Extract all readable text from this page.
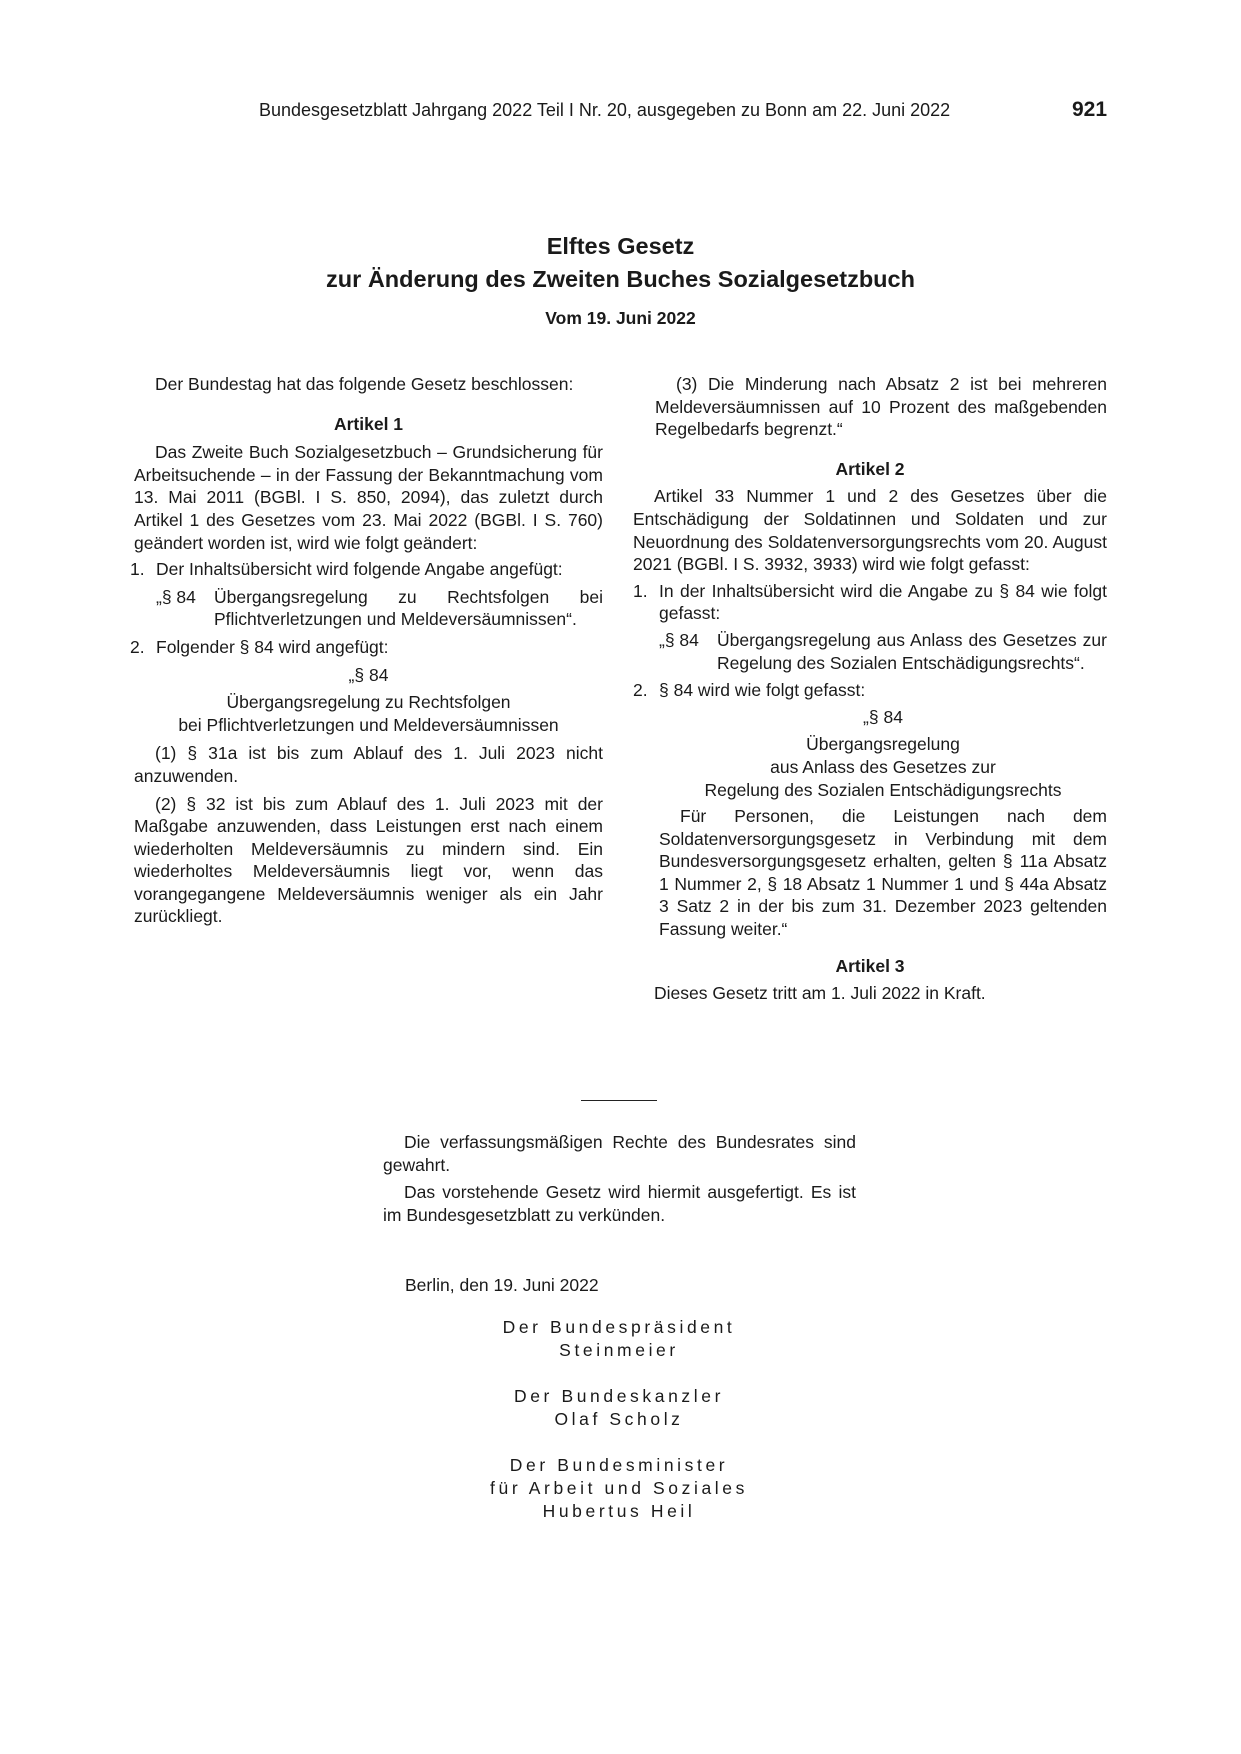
Bundesgesetzblatt Jahrgang 2022 Teil I Nr. 20, ausgegeben zu Bonn am 22. Juni 2022	921
Elftes Gesetz
zur Änderung des Zweiten Buches Sozialgesetzbuch
Vom 19. Juni 2022

Der Bundestag hat das folgende Gesetz beschlossen:

Artikel 1

Das Zweite Buch Sozialgesetzbuch – Grundsicherung für Arbeitsuchende – in der Fassung der Bekanntmachung vom 13. Mai 2011 (BGBl. I S. 850, 2094), das zuletzt durch Artikel 1 des Gesetzes vom 23. Mai 2022 (BGBl. I S. 760) geändert worden ist, wird wie folgt geändert:

1. Der Inhaltsübersicht wird folgende Angabe angefügt:
„§ 84	Übergangsregelung zu Rechtsfolgen bei Pflichtverletzungen und Meldeversäumnissen“.
2. Folgender § 84 wird angefügt:

„§ 84

Übergangsregelung zu Rechtsfolgen

bei Pflichtverletzungen und Meldeversäumnissen

(1) § 31a ist bis zum Ablauf des 1. Juli 2023 nicht anzuwenden.

(2) § 32 ist bis zum Ablauf des 1. Juli 2023 mit der Maßgabe anzuwenden, dass Leistungen erst nach einem wiederholten Meldeversäumnis zu mindern sind. Ein wiederholtes Meldeversäumnis liegt vor, wenn das vorangegangene Meldeversäumnis weniger als ein Jahr zurückliegt.

(3) Die Minderung nach Absatz 2 ist bei mehreren Meldeversäumnissen auf 10 Prozent des maßgebenden Regelbedarfs begrenzt.“

Artikel 2

Artikel 33 Nummer 1 und 2 des Gesetzes über die Entschädigung der Soldatinnen und Soldaten und zur Neuordnung des Soldatenversorgungsrechts vom 20. August 2021 (BGBl. I S. 3932, 3933) wird wie folgt gefasst:

1. In der Inhaltsübersicht wird die Angabe zu § 84 wie folgt gefasst:
„§ 84	Übergangsregelung aus Anlass des Gesetzes zur Regelung des Sozialen Entschädigungsrechts“.
2. § 84 wird wie folgt gefasst:

„§ 84

Übergangsregelung

aus Anlass des Gesetzes zur

Regelung des Sozialen Entschädigungsrechts

Für Personen, die Leistungen nach dem Soldatenversorgungsgesetz in Verbindung mit dem Bundesversorgungsgesetz erhalten, gelten § 11a Absatz 1 Nummer 2, § 18 Absatz 1 Nummer 1 und § 44a Absatz 3 Satz 2 in der bis zum 31. Dezember 2023 geltenden Fassung weiter.“

Artikel 3

Dieses Gesetz tritt am 1. Juli 2022 in Kraft.

Die verfassungsmäßigen Rechte des Bundesrates sind gewahrt.

Das vorstehende Gesetz wird hiermit ausgefertigt. Es ist im Bundesgesetzblatt zu verkünden.

Berlin, den 19. Juni 2022

Der Bundespräsident

Steinmeier

Der Bundeskanzler

Olaf Scholz

Der Bundesminister

für Arbeit und Soziales

Hubertus Heil
